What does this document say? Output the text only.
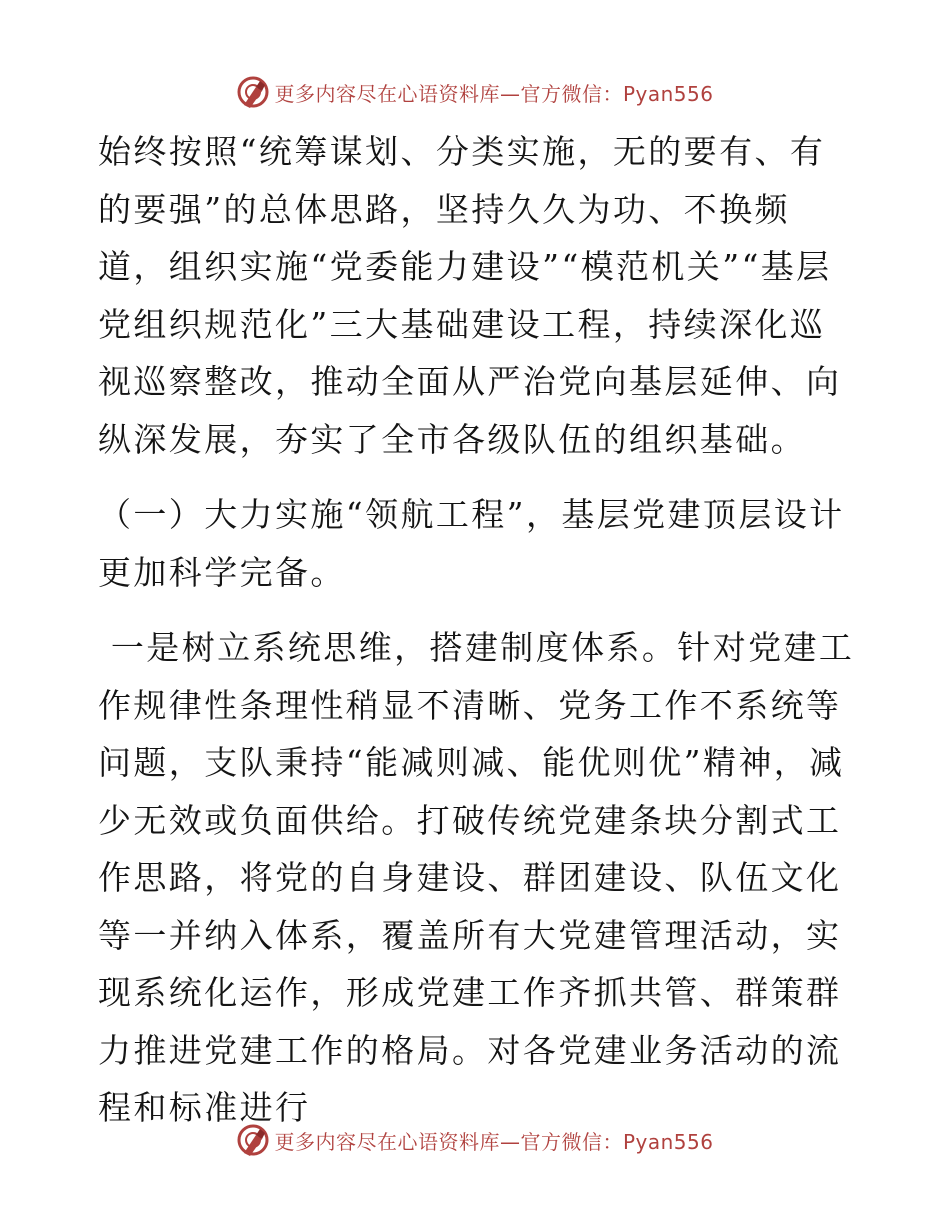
更多内容尽在心语资料库—官方微信：Pyan556

始终按照“统筹谋划、分类实施，无的要有、有的要强”的总体思路，坚持久久为功、不换频道，组织实施“党委能力建设”“模范机关”“基层党组织规范化”三大基础建设工程，持续深化巡视巡察整改，推动全面从严治党向基层延伸、向纵深发展，夯实了全市各级队伍的组织基础。

（一）大力实施“领航工程”，基层党建顶层设计更加科学完备。

一是树立系统思维，搭建制度体系。针对党建工作规律性条理性稍显不清晰、党务工作不系统等问题，支队秉持“能减则减、能优则优”精神，减少无效或负面供给。打破传统党建条块分割式工作思路，将党的自身建设、群团建设、队伍文化等一并纳入体系，覆盖所有大党建管理活动，实现系统化运作，形成党建工作齐抓共管、群策群力推进党建工作的格局。对各党建业务活动的流程和标准进行

更多内容尽在心语资料库—官方微信：Pyan556
